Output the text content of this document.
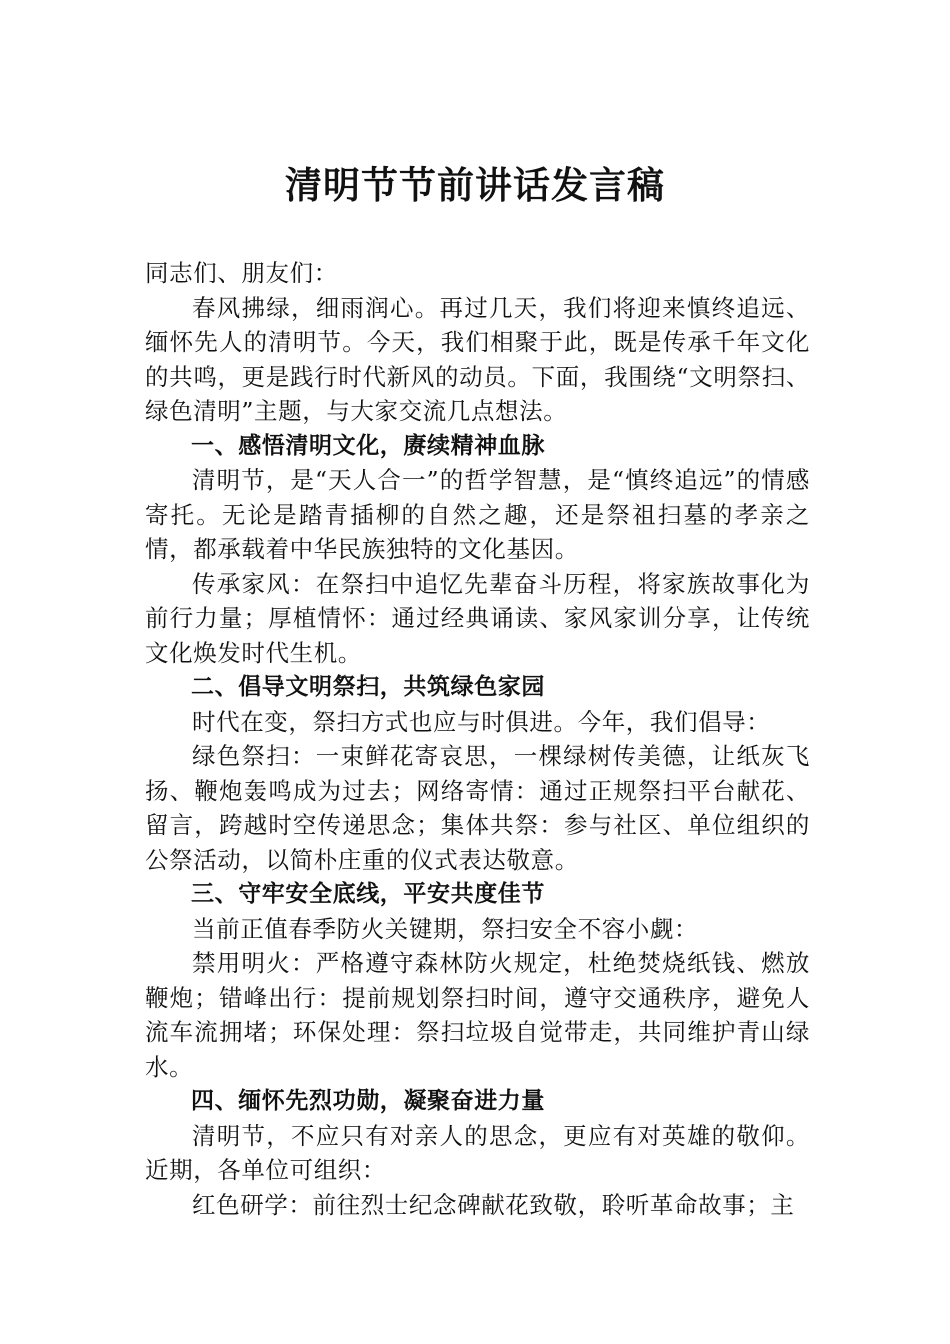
清明节节前讲话发言稿

同志们、朋友们：

春风拂绿，细雨润心。再过几天，我们将迎来慎终追远、缅怀先人的清明节。今天，我们相聚于此，既是传承千年文化的共鸣，更是践行时代新风的动员。下面，我围绕“文明祭扫、绿色清明”主题，与大家交流几点想法。

一、感悟清明文化，赓续精神血脉

清明节，是“天人合一”的哲学智慧，是“慎终追远”的情感寄托。无论是踏青插柳的自然之趣，还是祭祖扫墓的孝亲之情，都承载着中华民族独特的文化基因。

传承家风：在祭扫中追忆先辈奋斗历程，将家族故事化为前行力量；厚植情怀：通过经典诵读、家风家训分享，让传统文化焕发时代生机。

二、倡导文明祭扫，共筑绿色家园

时代在变，祭扫方式也应与时俱进。今年，我们倡导：

绿色祭扫：一束鲜花寄哀思，一棵绿树传美德，让纸灰飞扬、鞭炮轰鸣成为过去；网络寄情：通过正规祭扫平台献花、留言，跨越时空传递思念；集体共祭：参与社区、单位组织的公祭活动，以简朴庄重的仪式表达敬意。

三、守牢安全底线，平安共度佳节

当前正值春季防火关键期，祭扫安全不容小觑：

禁用明火：严格遵守森林防火规定，杜绝焚烧纸钱、燃放鞭炮；错峰出行：提前规划祭扫时间，遵守交通秩序，避免人流车流拥堵；环保处理：祭扫垃圾自觉带走，共同维护青山绿水。

四、缅怀先烈功勋，凝聚奋进力量

清明节，不应只有对亲人的思念，更应有对英雄的敬仰。近期，各单位可组织：

红色研学：前往烈士纪念碑献花致敬，聆听革命故事；主
